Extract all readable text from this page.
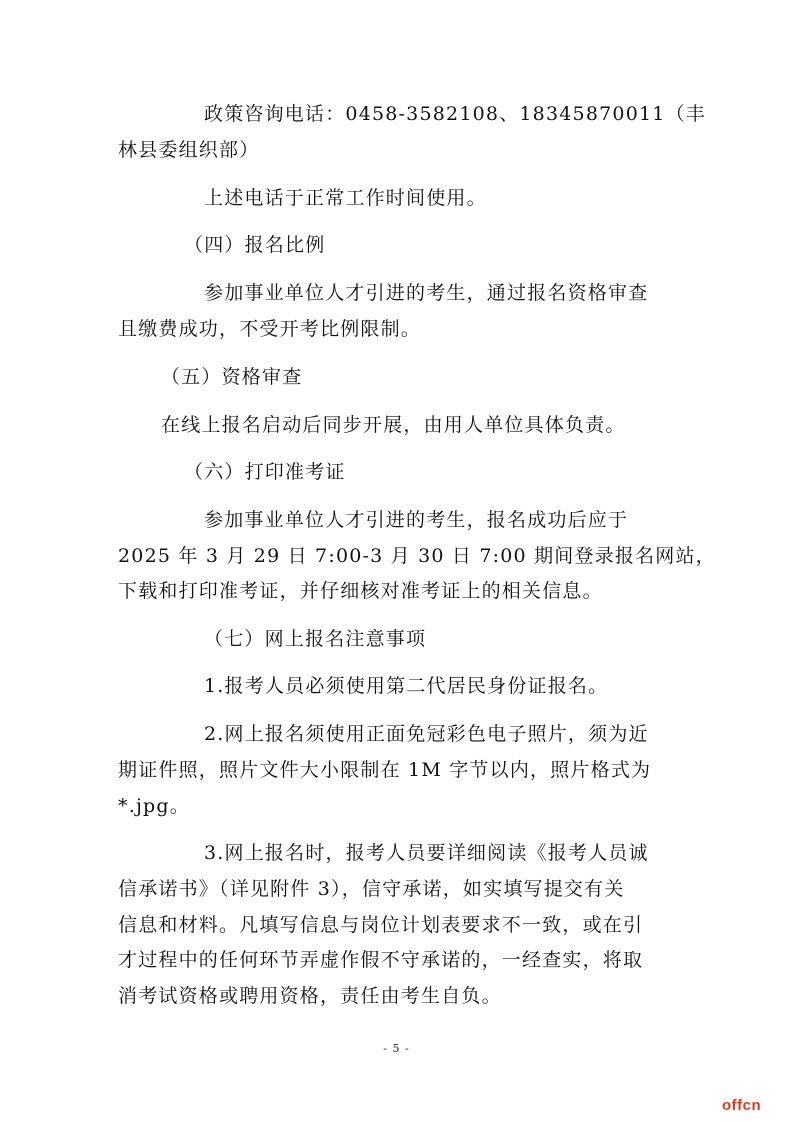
政策咨询电话：0458-3582108、18345870011（丰
林县委组织部）
上述电话于正常工作时间使用。
（四）报名比例
参加事业单位人才引进的考生，通过报名资格审查
且缴费成功，不受开考比例限制。
（五）资格审查
在线上报名启动后同步开展，由用人单位具体负责。
（六）打印准考证
参加事业单位人才引进的考生，报名成功后应于
2025 年 3 月 29 日 7:00-3 月 30 日 7:00 期间登录报名网站，
下载和打印准考证，并仔细核对准考证上的相关信息。
（七）网上报名注意事项
1.报考人员必须使用第二代居民身份证报名。
2.网上报名须使用正面免冠彩色电子照片，须为近
期证件照，照片文件大小限制在 1M 字节以内，照片格式为
*.jpg。
3.网上报名时，报考人员要详细阅读《报考人员诚
信承诺书》（详见附件 3），信守承诺，如实填写提交有关
信息和材料。凡填写信息与岗位计划表要求不一致，或在引
才过程中的任何环节弄虚作假不守承诺的，一经查实，将取
消考试资格或聘用资格，责任由考生自负。
- 5 -
offcn
